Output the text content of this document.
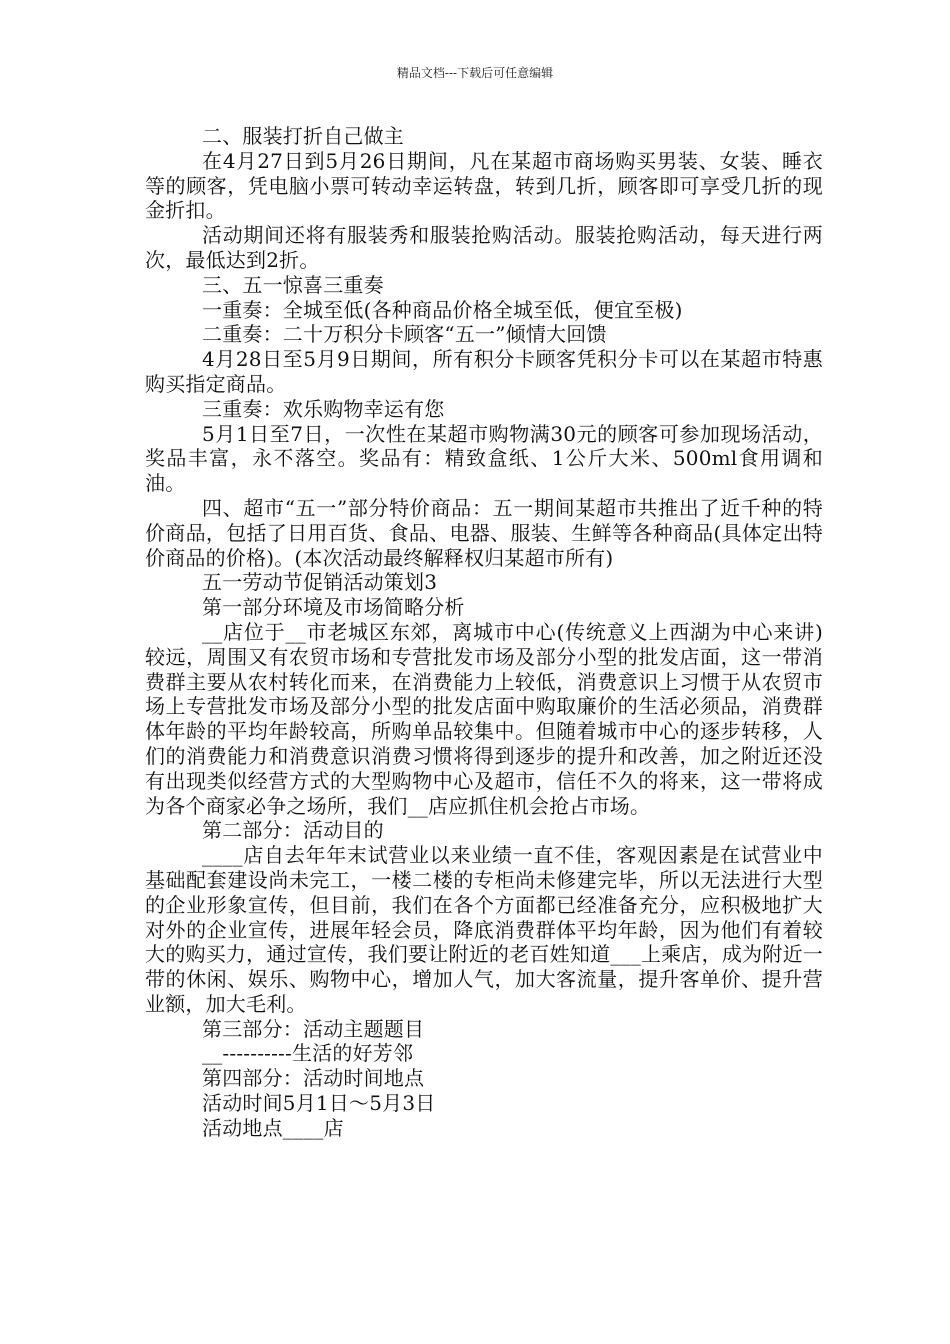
精品文档---下载后可任意编辑

二、服装打折自己做主

在4月27日到5月26日期间，凡在某超市商场购买男装、女装、睡衣等的顾客，凭电脑小票可转动幸运转盘，转到几折，顾客即可享受几折的现金折扣。

活动期间还将有服装秀和服装抢购活动。服装抢购活动，每天进行两次，最低达到2折。

三、五一惊喜三重奏

一重奏：全城至低(各种商品价格全城至低，便宜至极)

二重奏：二十万积分卡顾客“五一”倾情大回馈

4月28日至5月9日期间，所有积分卡顾客凭积分卡可以在某超市特惠购买指定商品。

三重奏：欢乐购物幸运有您

5月1日至7日，一次性在某超市购物满30元的顾客可参加现场活动，奖品丰富，永不落空。奖品有：精致盒纸、1公斤大米、500ml食用调和油。

四、超市“五一”部分特价商品：五一期间某超市共推出了近千种的特价商品，包括了日用百货、食品、电器、服装、生鲜等各种商品(具体定出特价商品的价格)。(本次活动最终解释权归某超市所有)

五一劳动节促销活动策划3

第一部分环境及市场简略分析

__店位于__市老城区东郊，离城市中心(传统意义上西湖为中心来讲)较远，周围又有农贸市场和专营批发市场及部分小型的批发店面，这一带消费群主要从农村转化而来，在消费能力上较低，消费意识上习惯于从农贸市场上专营批发市场及部分小型的批发店面中购取廉价的生活必须品，消费群体年龄的平均年龄较高，所购单品较集中。但随着城市中心的逐步转移，人们的消费能力和消费意识消费习惯将得到逐步的提升和改善，加之附近还没有出现类似经营方式的大型购物中心及超市，信任不久的将来，这一带将成为各个商家必争之场所，我们__店应抓住机会抢占市场。

第二部分：活动目的

____店自去年年末试营业以来业绩一直不佳，客观因素是在试营业中基础配套建设尚未完工，一楼二楼的专柜尚未修建完毕，所以无法进行大型的企业形象宣传，但目前，我们在各个方面都已经准备充分，应积极地扩大对外的企业宣传，进展年轻会员，降底消费群体平均年龄，因为他们有着较大的购买力，通过宣传，我们要让附近的老百姓知道___上乘店，成为附近一带的休闲、娱乐、购物中心，增加人气，加大客流量，提升客单价、提升营业额，加大毛利。

第三部分：活动主题题目

__----------生活的好芳邻

第四部分：活动时间地点

活动时间5月1日～5月3日

活动地点____店
